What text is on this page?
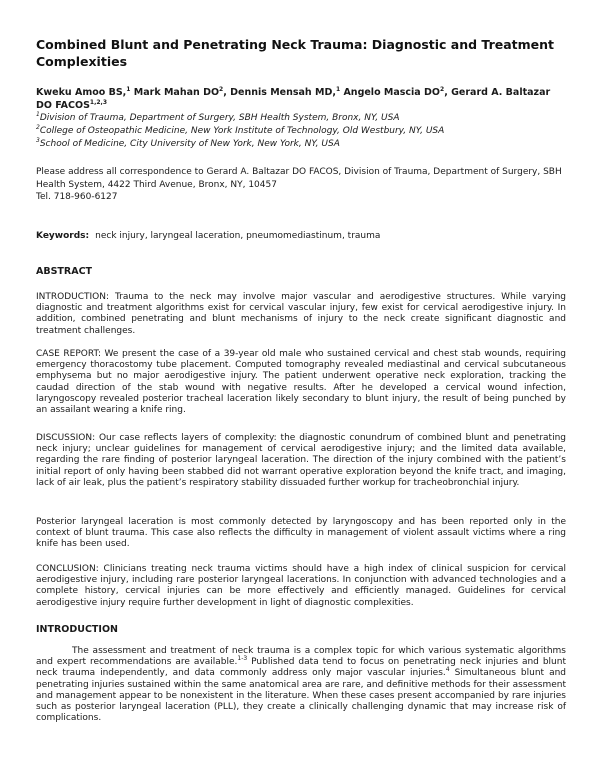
Combined Blunt and Penetrating Neck Trauma: Diagnostic and Treatment Complexities
Kweku Amoo BS,$^1$ Mark Mahan $DO^2$, Dennis Mensah MD,$^1$ Angelo Mascia $DO^2$, Gerard A. Baltazar DO FACOS$^{1,2,3}$

$^1$Division of Trauma, Department of Surgery, SBH Health System, Bronx, NY, USA

$^2$College of Osteopathic Medicine, New York Institute of Technology, Old Westbury, NY, USA

$^3$School of Medicine, City University of New York, New York, NY, USA

Please address all correspondence to Gerard A. Baltazar DO FACOS, Division of Trauma, Department of Surgery, SBH Health System, 4422 Third Avenue, Bronx, NY, 10457
Tel. 718-960-6127
Keywords: neck injury, laryngeal laceration, pneumomediastinum, trauma
ABSTRACT

INTRODUCTION: Trauma to the neck may involve major vascular and aerodigestive structures. While varying diagnostic and treatment algorithms exist for cervical vascular injury, few exist for cervical aerodigestive injury. In addition, combined penetrating and blunt mechanisms of injury to the neck create significant diagnostic and treatment challenges.

CASE REPORT: We present the case of a 39-year old male who sustained cervical and chest stab wounds, requiring emergency thoracostomy tube placement. Computed tomography revealed mediastinal and cervical subcutaneous emphysema but no major aerodigestive injury. The patient underwent operative neck exploration, tracking the caudad direction of the stab wound with negative results. After he developed a cervical wound infection, laryngoscopy revealed posterior tracheal laceration likely secondary to blunt injury, the result of being punched by an assailant wearing a knife ring.

DISCUSSION: Our case reflects layers of complexity: the diagnostic conundrum of combined blunt and penetrating neck injury; unclear guidelines for management of cervical aerodigestive injury; and the limited data available, regarding the rare finding of posterior laryngeal laceration. The direction of the injury combined with the patient’s initial report of only having been stabbed did not warrant operative exploration beyond the knife tract, and imaging, lack of air leak, plus the patient’s respiratory stability dissuaded further workup for tracheobronchial injury.

Posterior laryngeal laceration is most commonly detected by laryngoscopy and has been reported only in the context of blunt trauma. This case also reflects the difficulty in management of violent assault victims where a ring knife has been used.

CONCLUSION: Clinicians treating neck trauma victims should have a high index of clinical suspicion for cervical aerodigestive injury, including rare posterior laryngeal lacerations. In conjunction with advanced technologies and a complete history, cervical injuries can be more effectively and efficiently managed. Guidelines for cervical aerodigestive injury require further development in light of diagnostic complexities.

INTRODUCTION

The assessment and treatment of neck trauma is a complex topic for which various systematic algorithms and expert recommendations are available.$^{1-3}$ Published data tend to focus on penetrating neck injuries and blunt neck trauma independently, and data commonly address only major vascular injuries.$^4$ Simultaneous blunt and penetrating injuries sustained within the same anatomical area are rare, and definitive methods for their assessment and management appear to be nonexistent in the literature. When these cases present accompanied by rare injuries such as posterior laryngeal laceration (PLL), they create a clinically challenging dynamic that may increase risk of complications.
